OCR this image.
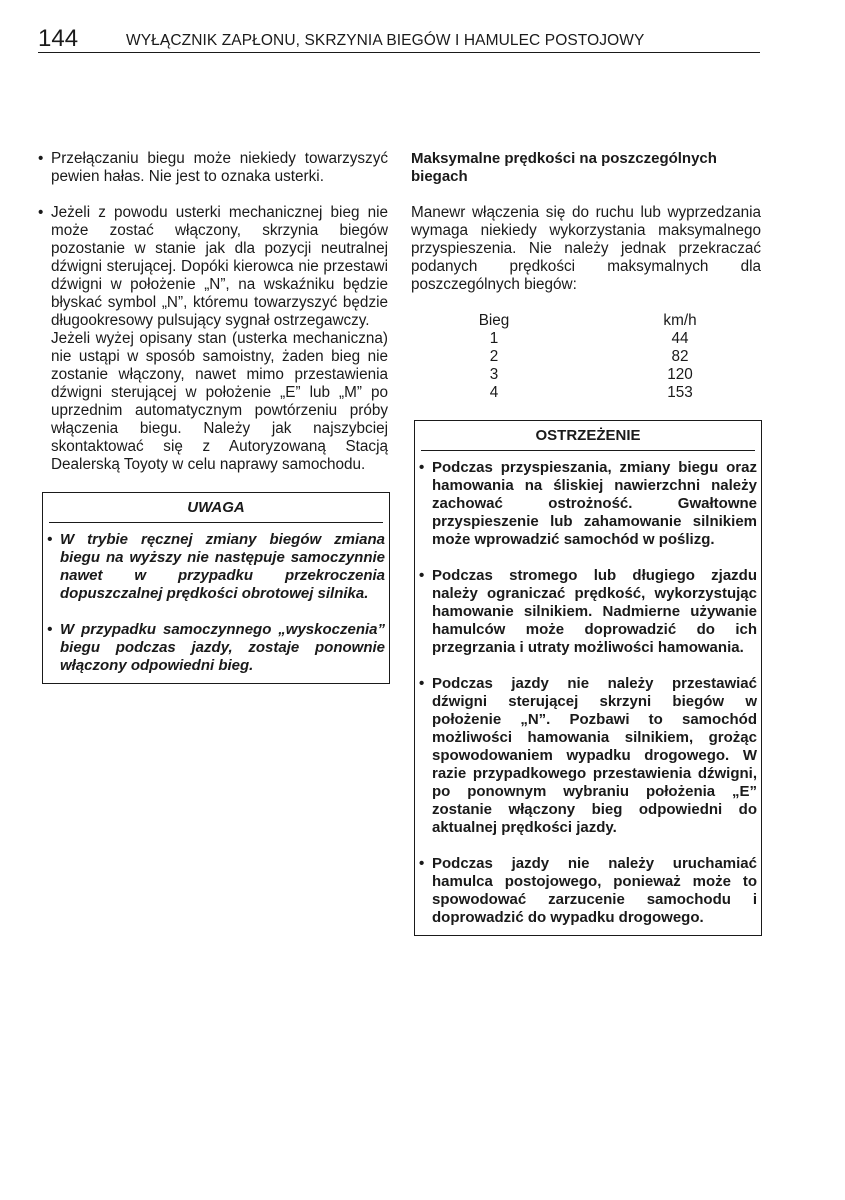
144	WYŁĄCZNIK ZAPŁONU, SKRZYNIA BIEGÓW I HAMULEC POSTOJOWY
• Przełączaniu biegu może niekiedy towarzyszyć pewien hałas. Nie jest to oznaka usterki.
• Jeżeli z powodu usterki mechanicznej bieg nie może zostać włączony, skrzynia biegów pozostanie w stanie jak dla pozycji neutralnej dźwigni sterującej. Dopóki kierowca nie przestawi dźwigni w położenie „N”, na wskaźniku będzie błyskać symbol „N”, któremu towarzyszyć będzie długookresowy pulsujący sygnał ostrzegawczy.
Jeżeli wyżej opisany stan (usterka mechaniczna) nie ustąpi w sposób samoistny, żaden bieg nie zostanie włączony, nawet mimo przestawienia dźwigni sterującej w położenie „E” lub „M” po uprzednim automatycznym powtórzeniu próby włączenia biegu. Należy jak najszybciej skontaktować się z Autoryzowaną Stacją Dealerską Toyoty w celu naprawy samochodu.
UWAGA
• W trybie ręcznej zmiany biegów zmiana biegu na wyższy nie następuje samoczynnie nawet w przypadku przekroczenia dopuszczalnej prędkości obrotowej silnika.
• W przypadku samoczynnego „wyskoczenia” biegu podczas jazdy, zostaje ponownie włączony odpowiedni bieg.
Maksymalne prędkości na poszczególnych biegach
Manewr włączenia się do ruchu lub wyprzedzania wymaga niekiedy wykorzystania maksymalnego przyspieszenia. Nie należy jednak przekraczać podanych prędkości maksymalnych dla poszczególnych biegów:
Bieg	km/h
1	44
2	82
3	120
4	153
OSTRZEŻENIE
• Podczas przyspieszania, zmiany biegu oraz hamowania na śliskiej nawierzchni należy zachować ostrożność. Gwałtowne przyspieszenie lub zahamowanie silnikiem może wprowadzić samochód w poślizg.
• Podczas stromego lub długiego zjazdu należy ograniczać prędkość, wykorzystując hamowanie silnikiem. Nadmierne używanie hamulców może doprowadzić do ich przegrzania i utraty możliwości hamowania.
• Podczas jazdy nie należy przestawiać dźwigni sterującej skrzyni biegów w położenie „N”. Pozbawi to samochód możliwości hamowania silnikiem, grożąc spowodowaniem wypadku drogowego. W razie przypadkowego przestawienia dźwigni, po ponownym wybraniu położenia „E” zostanie włączony bieg odpowiedni do aktualnej prędkości jazdy.
• Podczas jazdy nie należy uruchamiać hamulca postojowego, ponieważ może to spowodować zarzucenie samochodu i doprowadzić do wypadku drogowego.
